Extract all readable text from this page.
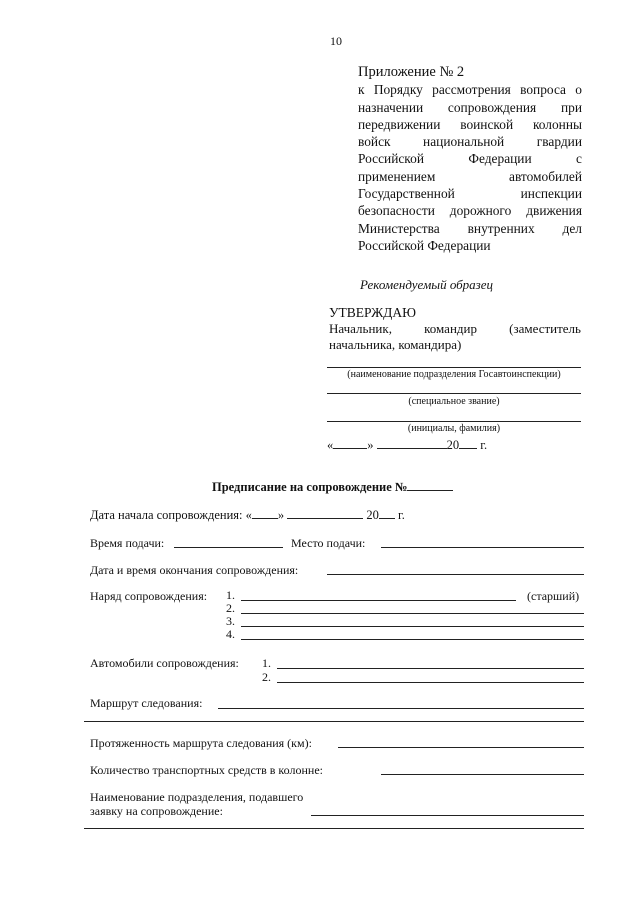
10
Приложение № 2
к Порядку рассмотрения вопроса о
назначении сопровождения при
передвижении воинской колонны
войск национальной гвардии
Российской	Федерации	с
применением	автомобилей
Государственной	инспекции
безопасности дорожного движения
Министерства внутренних дел
Российской Федерации
Рекомендуемый образец
УТВЕРЖДАЮ
Начальник, командир (заместитель
начальника, командира)
(наименование подразделения Госавтоинспекции)
(специальное звание)
(инициалы, фамилия)
«	»	20 г.
Предписание на сопровождение №
Дата начала сопровождения: « »	20 г.
Время подачи:	Место подачи:
Дата и время окончания сопровождения:
Наряд сопровождения: 1.	(старший)
2.
3.
4.
Автомобили сопровождения: 1.
2.
Маршрут следования:
Протяженность маршрута следования (км):
Количество транспортных средств в колонне:
Наименование подразделения, подавшего
заявку на сопровождение:
